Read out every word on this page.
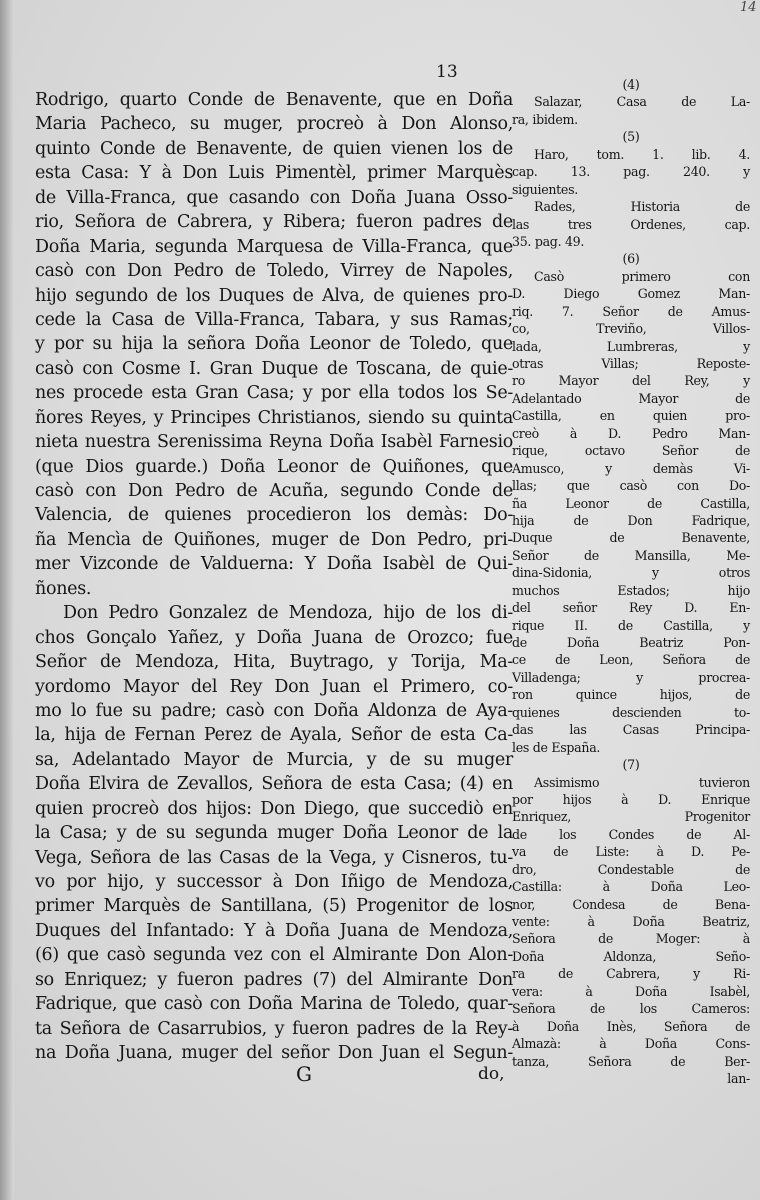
14
13
Rodrigo, quarto Conde de Benavente, que en Doña
Maria Pacheco, su muger, procreò à Don Alonso,
quinto Conde de Benavente, de quien vienen los de
esta Casa: Y à Don Luis Pimentèl, primer Marquès
de Villa-Franca, que casando con Doña Juana Osso-
rio, Señora de Cabrera, y Ribera; fueron padres de
Doña Maria, segunda Marquesa de Villa-Franca, que
casò con Don Pedro de Toledo, Virrey de Napoles,
hijo segundo de los Duques de Alva, de quienes pro-
cede la Casa de Villa-Franca, Tabara, y sus Ramas;
y por su hija la señora Doña Leonor de Toledo, que
casò con Cosme I. Gran Duque de Toscana, de quie-
nes procede esta Gran Casa; y por ella todos los Se-
ñores Reyes, y Principes Christianos, siendo su quinta
nieta nuestra Serenissima Reyna Doña Isabèl Farnesio
(que Dios guarde.) Doña Leonor de Quiñones, que
casò con Don Pedro de Acuña, segundo Conde de
Valencia, de quienes procedieron los demàs: Do-
ña Mencìa de Quiñones, muger de Don Pedro, pri-
mer Vizconde de Valduerna: Y Doña Isabèl de Qui-
ñones.
Don Pedro Gonzalez de Mendoza, hijo de los di-
chos Gonçalo Yañez, y Doña Juana de Orozco; fue
Señor de Mendoza, Hita, Buytrago, y Torija, Ma-
yordomo Mayor del Rey Don Juan el Primero, co-
mo lo fue su padre; casò con Doña Aldonza de Aya-
la, hija de Fernan Perez de Ayala, Señor de esta Ca-
sa, Adelantado Mayor de Murcia, y de su muger
Doña Elvira de Zevallos, Señora de esta Casa; (4) en
quien procreò dos hijos: Don Diego, que succediò en
la Casa; y de su segunda muger Doña Leonor de la
Vega, Señora de las Casas de la Vega, y Cisneros, tu-
vo por hijo, y successor à Don Iñigo de Mendoza,
primer Marquès de Santillana, (5) Progenitor de los
Duques del Infantado: Y à Doña Juana de Mendoza,
(6) que casò segunda vez con el Almirante Don Alon-
so Enriquez; y fueron padres (7) del Almirante Don
Fadrique, que casò con Doña Marina de Toledo, quar-
ta Señora de Casarrubios, y fueron padres de la Rey-
na Doña Juana, muger del señor Don Juan el Segun-
(4)
Salazar, Casa de La-
ra, ibidem.
(5)
Haro, tom. 1. lib. 4.
cap. 13. pag. 240. y
siguientes.
Rades, Historia de
las tres Ordenes, cap.
35. pag. 49.
(6)
Casò primero con
D. Diego Gomez Man-
riq. 7. Señor de Amus-
co, Treviño, Villos-
lada, Lumbreras, y
otras Villas; Reposte-
ro Mayor del Rey, y
Adelantado Mayor de
Castilla, en quien pro-
creò à D. Pedro Man-
rique, octavo Señor de
Amusco, y demàs Vi-
llas; que casò con Do-
ña Leonor de Castilla,
hija de Don Fadrique,
Duque de Benavente,
Señor de Mansilla, Me-
dina-Sidonia, y otros
muchos Estados; hijo
del señor Rey D. En-
rique II. de Castilla, y
de Doña Beatriz Pon-
ce de Leon, Señora de
Villadenga; y procrea-
ron quince hijos, de
quienes descienden to-
das las Casas Principa-
les de España.
(7)
Assimismo tuvieron
por hijos à D. Enrique
Enriquez, Progenitor
de los Condes de Al-
va de Liste: à D. Pe-
dro, Condestable de
Castilla: à Doña Leo-
nor, Condesa de Bena-
vente: à Doña Beatriz,
Señora de Moger: à
Doña Aldonza, Seño-
ra de Cabrera, y Ri-
vera: à Doña Isabèl,
Señora de los Cameros:
à Doña Inès, Señora de
Almazà: à Doña Cons-
tanza, Señora de Ber-
lan-
G	do,
